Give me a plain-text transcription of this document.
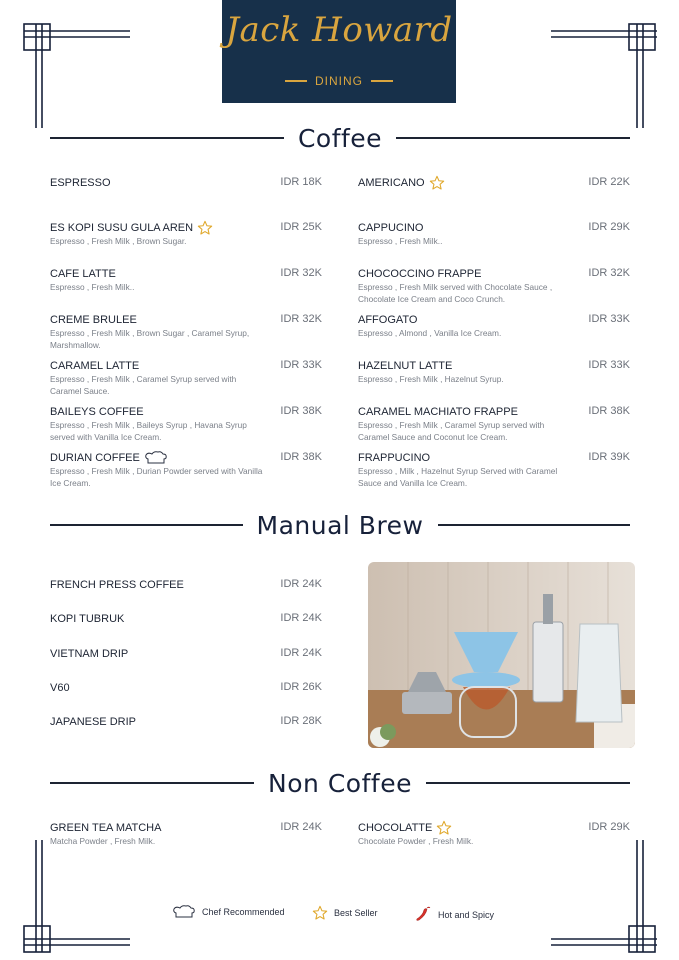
Jack Howard
DINING
Coffee
ESPRESSO	IDR 18K
ES KOPI SUSU GULA AREN	IDR 25K
Espresso , Fresh Milk , Brown Sugar.
CAFE LATTE	IDR 32K
Espresso , Fresh Milk..
CREME BRULEE	IDR 32K
Espresso , Fresh Milk , Brown Sugar , Caramel Syrup, Marshmallow.
CARAMEL LATTE	IDR 33K
Espresso , Fresh Milk , Caramel Syrup served with Caramel Sauce.
BAILEYS COFFEE	IDR 38K
Espresso , Fresh Milk , Baileys Syrup , Havana Syrup served with Vanilla Ice Cream.
DURIAN COFFEE	IDR 38K
Espresso , Fresh Milk , Durian Powder served with Vanilla Ice Cream.
AMERICANO	IDR 22K
CAPPUCINO	IDR 29K
Espresso , Fresh Milk..
CHOCOCCINO FRAPPE	IDR 32K
Espresso , Fresh Milk served with Chocolate Sauce , Chocolate Ice Cream and Coco Crunch.
AFFOGATO	IDR 33K
Espresso , Almond , Vanilla Ice Cream.
HAZELNUT LATTE	IDR 33K
Espresso , Fresh Milk , Hazelnut Syrup.
CARAMEL MACHIATO FRAPPE	IDR 38K
Espresso , Fresh Milk , Caramel Syrup served with Caramel Sauce and Coconut Ice Cream.
FRAPPUCINO	IDR 39K
Espresso , Milk , Hazelnut Syrup Served with Caramel Sauce and Vanilla Ice Cream.
Manual Brew
FRENCH PRESS COFFEE	IDR 24K
KOPI TUBRUK	IDR 24K
VIETNAM DRIP	IDR 24K
V60	IDR 26K
JAPANESE DRIP	IDR 28K
Non Coffee
GREEN TEA MATCHA	IDR 24K
Matcha Powder , Fresh Milk.
CHOCOLATTE	IDR 29K
Chocolate Powder , Fresh Milk.
Chef Recommended	Best Seller	Hot and Spicy
